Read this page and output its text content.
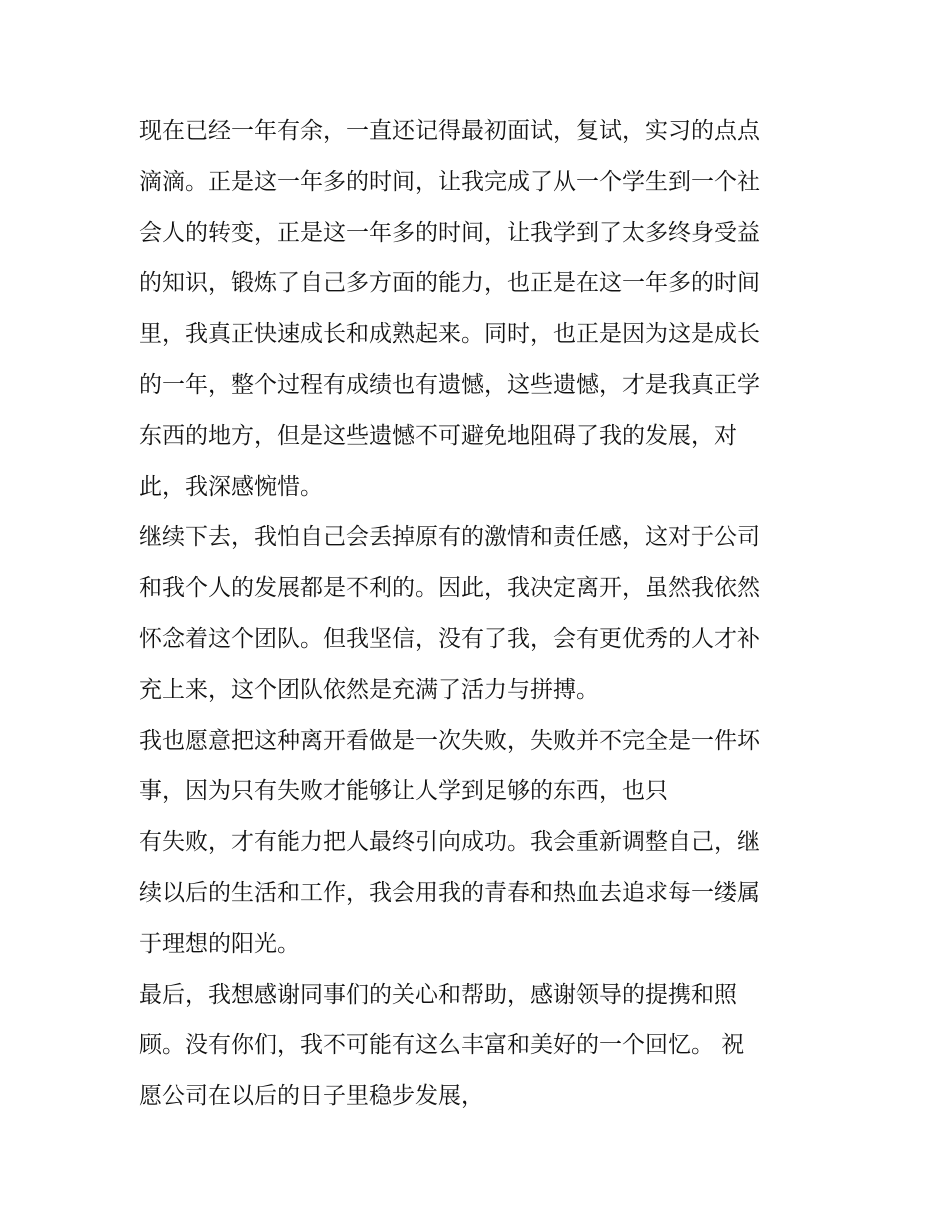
现在已经一年有余，一直还记得最初面试，复试，实习的点点
滴滴。正是这一年多的时间，让我完成了从一个学生到一个社
会人的转变，正是这一年多的时间，让我学到了太多终身受益
的知识，锻炼了自己多方面的能力，也正是在这一年多的时间
里，我真正快速成长和成熟起来。同时，也正是因为这是成长
的一年，整个过程有成绩也有遗憾，这些遗憾，才是我真正学
东西的地方，但是这些遗憾不可避免地阻碍了我的发展，对
此，我深感惋惜。
继续下去，我怕自己会丢掉原有的激情和责任感，这对于公司
和我个人的发展都是不利的。因此，我决定离开，虽然我依然
怀念着这个团队。但我坚信，没有了我，会有更优秀的人才补
充上来，这个团队依然是充满了活力与拼搏。
我也愿意把这种离开看做是一次失败，失败并不完全是一件坏
事，因为只有失败才能够让人学到足够的东西，也只
有失败，才有能力把人最终引向成功。我会重新调整自己，继
续以后的生活和工作，我会用我的青春和热血去追求每一缕属
于理想的阳光。
最后，我想感谢同事们的关心和帮助，感谢领导的提携和照
顾。没有你们，我不可能有这么丰富和美好的一个回忆。 祝
愿公司在以后的日子里稳步发展，
